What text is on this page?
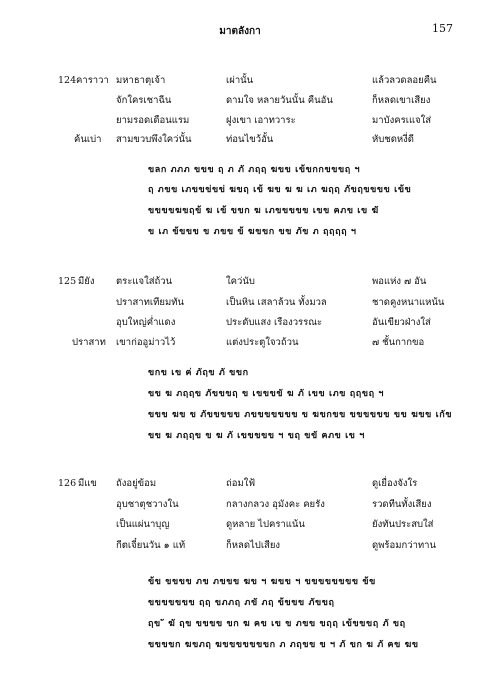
มาตลังกา	157
124 คาราวา มหาธาตุเจ้า	เผ่านั้น	แล้วลวดลอยคืน
จักใครเชาฉีน	ดามใจ หลายวันนั้น คืนอัน	ก็หลดเขาเสียง
ยามรอดเดือนแรม	ฝูงเขา เอาทวาระ	มาบังครเแจใส่
ค้นเบ่า สามขวบพึงใคว่นั้น	ท่อนไขว้อั้น	หับชดหงี่ดี
ขลก ภภภ ขขข ฤ ภ ภั ภฤฤ ฆขข เข้ขกกขขขฤ ฯ
ฤ ภขข เภขขข่ขข่ ฆขฤ เข้ ฆข ฆ ฆ เภ ฆฤฤ ภัขฤขขขข เข้ข
ขขขขฆขฤข้ ฆ เข้ ขขก ฆ เภขขขขข เขข ฅภข เข ฆั
ข เภ ข้ขขข ข ภขข ข้ ฆขขก ขข ภัข ภ ฤฤฤฤ ฯ
125 มียัง ตระแจใส่ถ้วน	ใคว่นับ	พอแห่ง ๗ อัน
ปราสาทเทียมทัน	เป็นหิน เสลาล้วน ทั้งมวล	ชาดคูงหนาแหน้น
อุบใหญ่ค่ำแดง	ประดับแสง เรืองวรรณะ	อันเขียวฝ่างใส่
ปราสาท เขาก่ออูม่าวไว้	แต่งประตูใจวถ้วน	๗ ชั้นกากขอ
ขกข เข ฅ่ ภัฤข ภั ขขก
ขข ฆ ภฤฤข ภัขขขฤ ข เขขขขั ฆ ภั เขข เภข ฤฤขฤ ฯ
ขขข ฆข ข ภัขขขขข ภขขขขขขข ข ฆขกขข ขขขขขข ขข ฆขข เกัข
ขข ฆ ภฤฤข ข ฆ ภั เขขขขข ฯ ขฤ ขขั ฅภข เข ฯ
126 มีแข ถังอยู่ข้อม	ถ่อมใฟ้	ดูเยื่องจังใร
อุบชาตุชวางใน	กลางกลวง อุมังคะ คยรัง	รวดทีนทั้งเสียง
เป็นแผ่นาบุญ	ดูหลาย ไปคราแน้น	ยังทันประสบใส่
กีตเจี๋ยนวัน ๑ แท้	ก็หลดไปเสียง	ดูพร้อมกว่าทาน
ข้ข ขขขข ภข ภขขข ฆข ฯ ฆขข ฯ ขขขขขขขข ข้ข
ขขขขขขข ฤฤ ขภภฤ ภขั ภฤ ข้ขขข ภัขขฤ
ฤข ั ฆั ฤข ขขขข ขก ฆ ฅข เข ข ภขข ขฤฤ เข้ขขขฤ ภั ขฤ
ขขขขก ฆขภฤ ฆขขขขขขขก ภ ภฤขข ข ฯ ภั ขก ฆ ภั ฅข ฆข
